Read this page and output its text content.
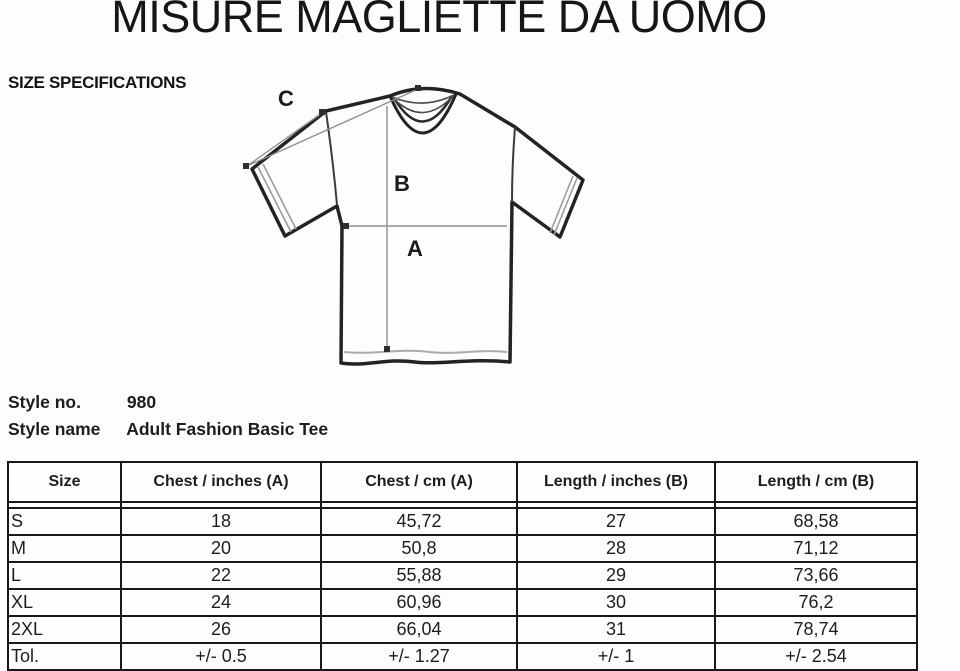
MISURE MAGLIETTE DA UOMO
SIZE SPECIFICATIONS
C
B
A
Style no.	980
Style name Adult Fashion Basic Tee
Size	Chest / inches (A)	Chest / cm (A)	Length / inches (B)	Length / cm (B)
S	18	45,72	27	68,58
M	20	50,8	28	71,12
L	22	55,88	29	73,66
XL	24	60,96	30	76,2
2XL	26	66,04	31	78,74
Tol.	+/- 0.5	+/- 1.27	+/- 1	+/- 2.54
